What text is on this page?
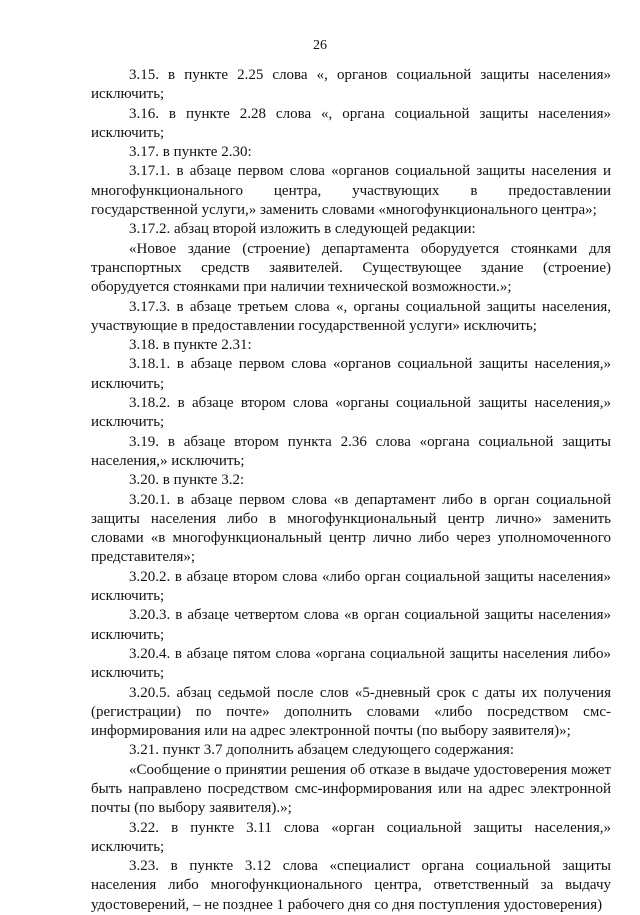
26

3.15. в пункте 2.25 слова «, органов социальной защиты населения» исключить;

3.16. в пункте 2.28 слова «, органа социальной защиты населения» исключить;

3.17. в пункте 2.30:

3.17.1. в абзаце первом слова «органов социальной защиты населения и многофункционального центра, участвующих в предоставлении государственной услуги,» заменить словами «многофункционального центра»;

3.17.2. абзац второй изложить в следующей редакции:

«Новое здание (строение) департамента оборудуется стоянками для транспортных средств заявителей. Существующее здание (строение) оборудуется стоянками при наличии технической возможности.»;

3.17.3. в абзаце третьем слова «, органы социальной защиты населения, участвующие в предоставлении государственной услуги» исключить;

3.18. в пункте 2.31:

3.18.1. в абзаце первом слова «органов социальной защиты населения,» исключить;

3.18.2. в абзаце втором слова «органы социальной защиты населения,» исключить;

3.19. в абзаце втором пункта 2.36 слова «органа социальной защиты населения,» исключить;

3.20. в пункте 3.2:

3.20.1. в абзаце первом слова «в департамент либо в орган социальной защиты населения либо в многофункциональный центр лично» заменить словами «в многофункциональный центр лично либо через уполномоченного представителя»;

3.20.2. в абзаце втором слова «либо орган социальной защиты населения» исключить;

3.20.3. в абзаце четвертом слова «в орган социальной защиты населения» исключить;

3.20.4. в абзаце пятом слова «органа социальной защиты населения либо» исключить;

3.20.5. абзац седьмой после слов «5-дневный срок с даты их получения (регистрации) по почте» дополнить словами «либо посредством смс-информирования или на адрес электронной почты (по выбору заявителя)»;

3.21. пункт 3.7 дополнить абзацем следующего содержания:

«Сообщение о принятии решения об отказе в выдаче удостоверения может быть направлено посредством смс-информирования или на адрес электронной почты (по выбору заявителя).»;

3.22. в пункте 3.11 слова «орган социальной защиты населения,» исключить;

3.23. в пункте 3.12 слова «специалист органа социальной защиты населения либо многофункционального центра, ответственный за выдачу удостоверений, – не позднее 1 рабочего дня со дня поступления удостоверения)
